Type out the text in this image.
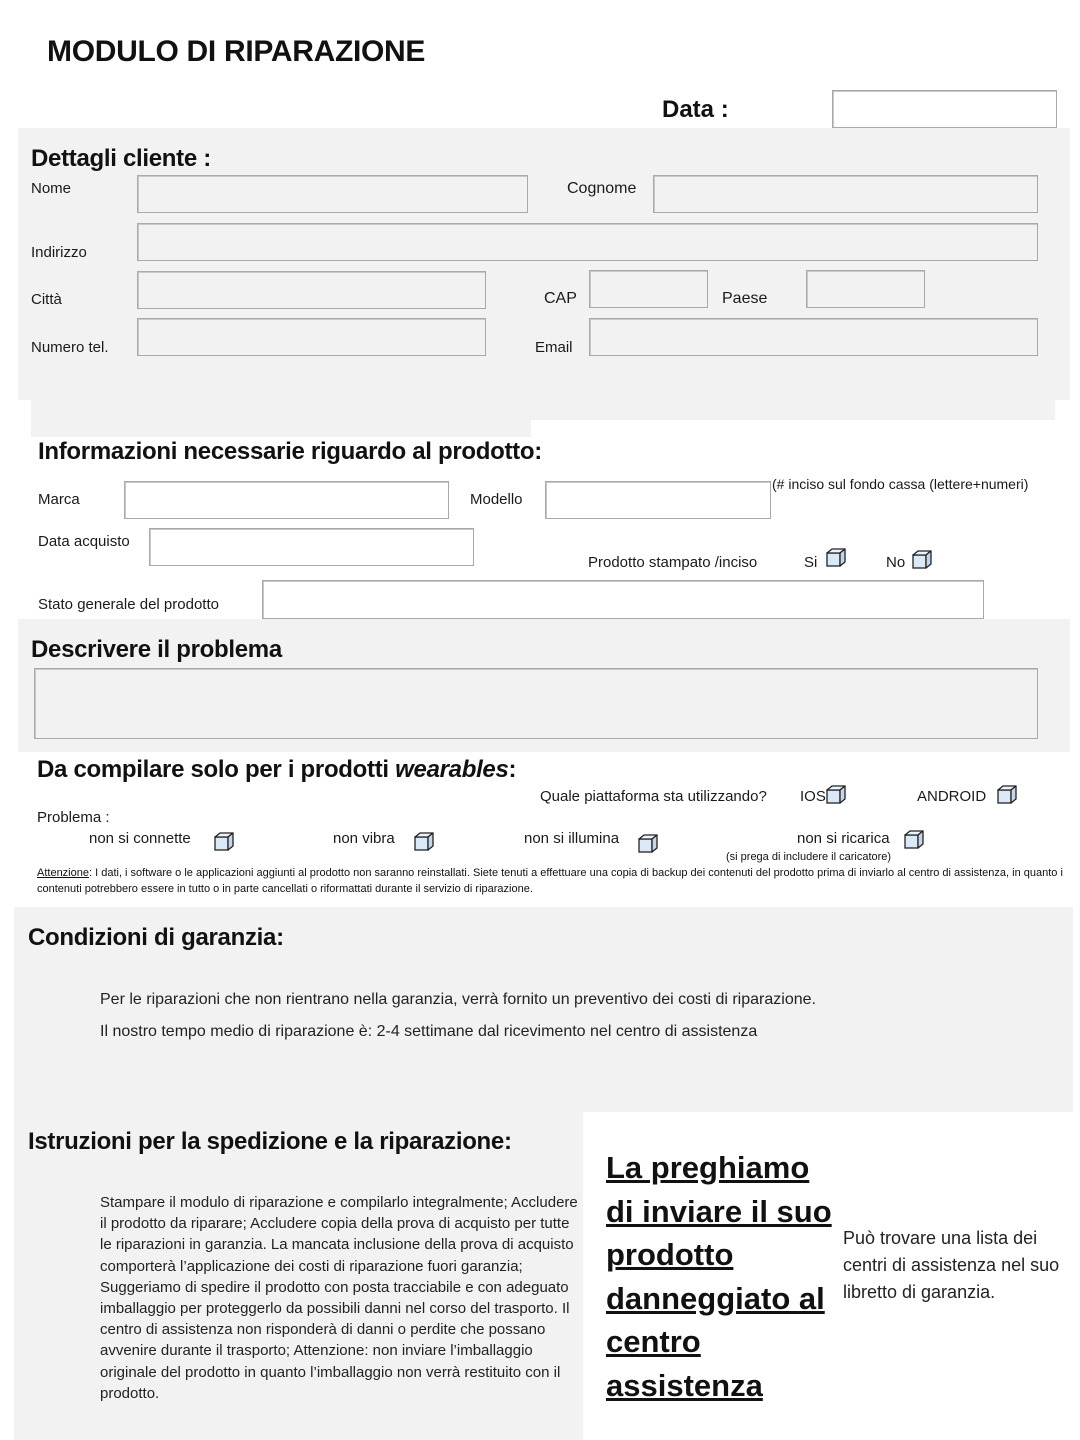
MODULO DI RIPARAZIONE
Data :
Dettagli cliente :
Nome	Cognome
Indirizzo
Città	CAP	Paese
Numero tel.	Email
Informazioni necessarie riguardo al prodotto:
Marca	Modello
(# inciso sul fondo cassa (lettere+numeri)
Data acquisto
Prodotto stampato /inciso	Si	No
Stato generale del prodotto
Descrivere il problema
Da compilare solo per i prodotti wearables:
Quale piattaforma sta utilizzando? IOS	ANDROID
Problema :
non si connette	non vibra	non si illumina	non si ricarica
(si prega di includere il caricatore)
Attenzione: I dati, i software o le applicazioni aggiunti al prodotto non saranno reinstallati. Siete tenuti a effettuare una copia di backup dei contenuti del prodotto prima di inviarlo al centro di assistenza, in quanto i contenuti potrebbero essere in tutto o in parte cancellati o riformattati durante il servizio di riparazione.
Condizioni di garanzia:
Per le riparazioni che non rientrano nella garanzia, verrà fornito un preventivo dei costi di riparazione.
Il nostro tempo medio di riparazione è: 2-4 settimane dal ricevimento nel centro di assistenza
Istruzioni per la spedizione e la riparazione:
Stampare il modulo di riparazione e compilarlo integralmente; Accludere il prodotto da riparare; Accludere copia della prova di acquisto per tutte le riparazioni in garanzia. La mancata inclusione della prova di acquisto comporterà l’applicazione dei costi di riparazione fuori garanzia; Suggeriamo di spedire il prodotto con posta tracciabile e con adeguato imballaggio per proteggerlo da possibili danni nel corso del trasporto. Il centro di assistenza non risponderà di danni o perdite che possano avvenire durante il trasporto; Attenzione: non inviare l’imballaggio originale del prodotto in quanto l’imballaggio non verrà restituito con il prodotto.
La preghiamo di inviare il suo prodotto danneggiato al centro assistenza
Può trovare una lista dei centri di assistenza nel suo libretto di garanzia.
